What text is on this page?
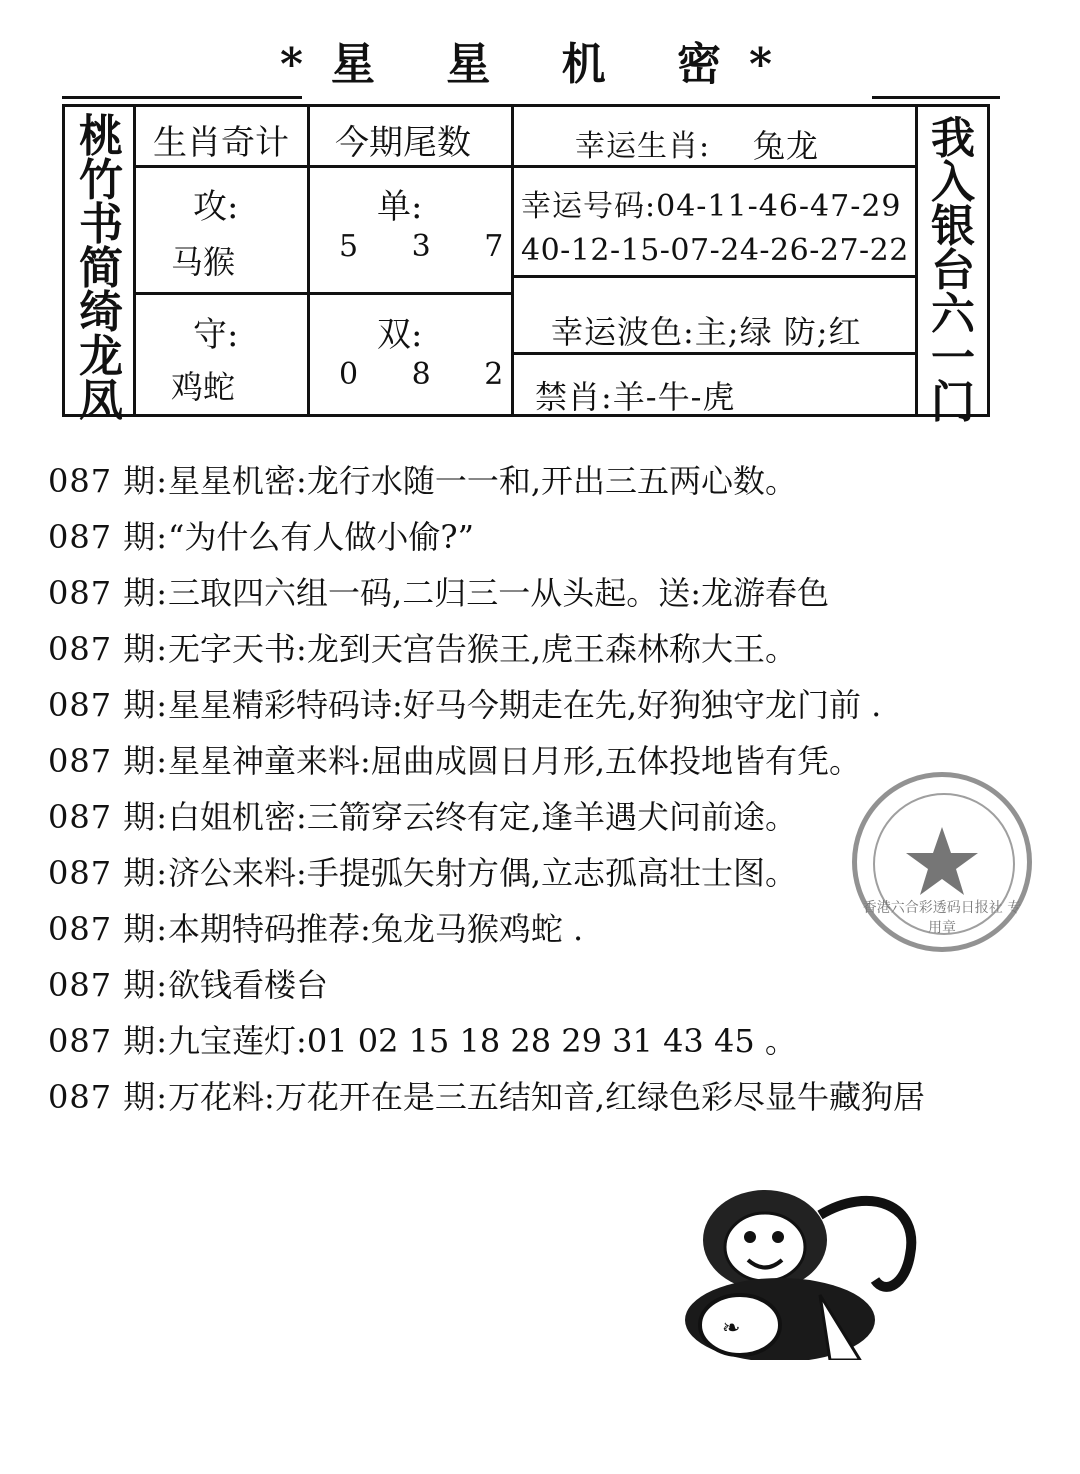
*星 星 机 密*
桃竹书简绮龙凤
我入银台六一门
生肖奇计 今期尾数
攻:
马猴
守:
鸡蛇
单:
5 3 7
双:
0 8 2
幸运生肖: 兔龙
幸运号码:04-11-46-47-29
40-12-15-07-24-26-27-22
幸运波色:主;绿 防;红
禁肖:羊-牛-虎
087 期:星星机密:龙行水随一一和,开出三五两心数。
087 期:“为什么有人做小偷?”
087 期:三取四六组一码,二归三一从头起。送:龙游春色
087 期:无字天书:龙到天宫告猴王,虎王森林称大王。
087 期:星星精彩特码诗:好马今期走在先,好狗独守龙门前 .
087 期:星星神童来料:屈曲成圆日月形,五体投地皆有凭。
087 期:白姐机密:三箭穿云终有定,逢羊遇犬问前途。
087 期:济公来料:手提弧矢射方偶,立志孤高壮士图。
087 期:本期特码推荐:兔龙马猴鸡蛇 .
087 期:欲钱看楼台
087 期:九宝莲灯:01 02 15 18 28 29 31 43 45 。
087 期:万花料:万花开在是三五结知音,红绿色彩尽显牛藏狗居
香港六合彩透码日报社 专用章
❧
